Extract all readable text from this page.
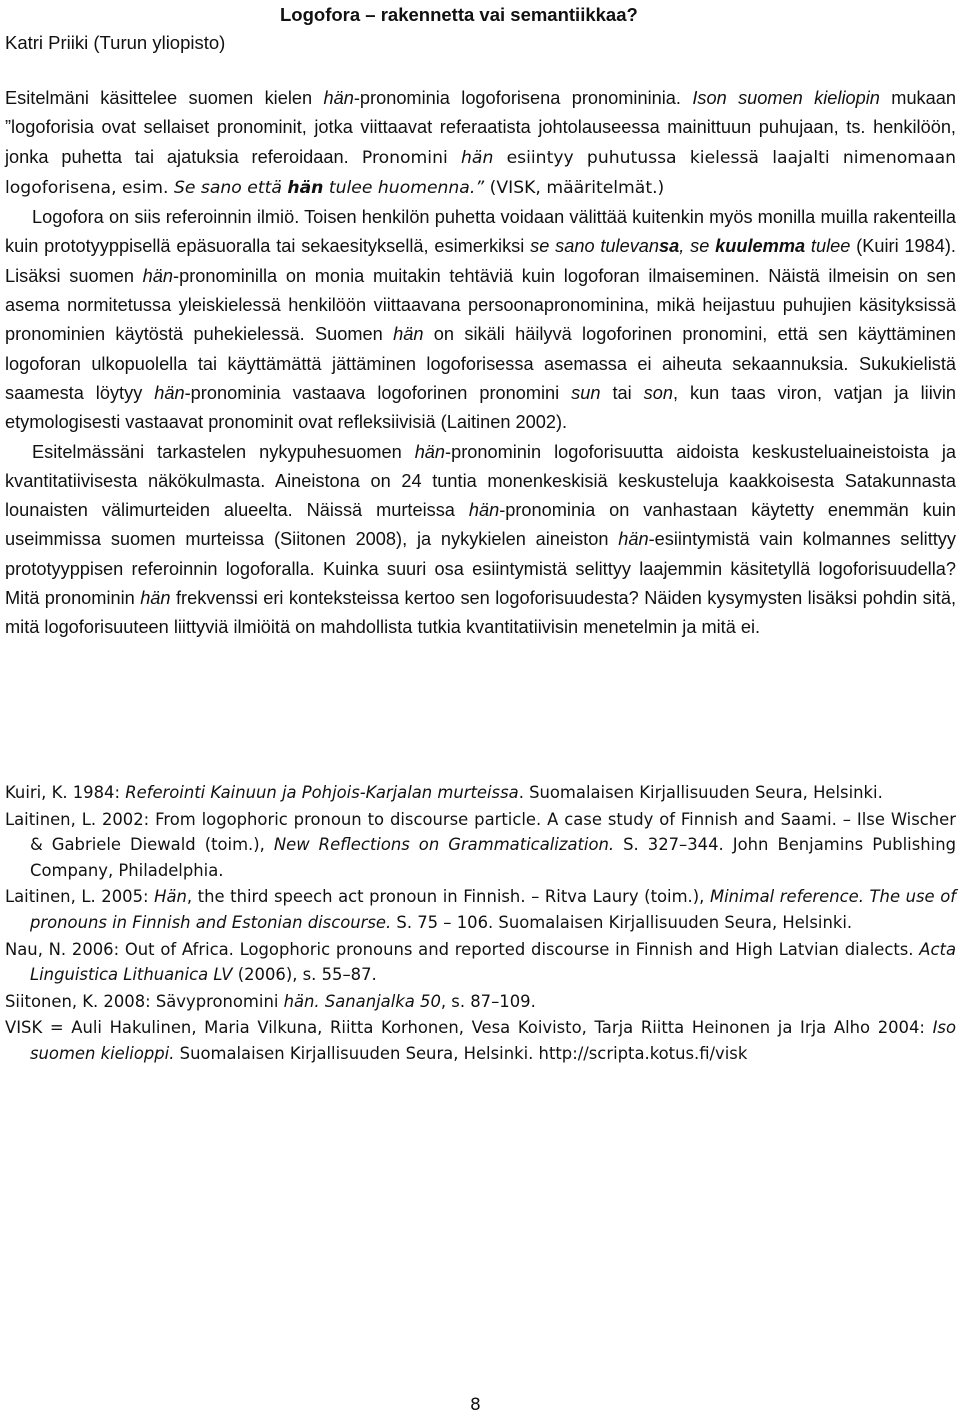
Katri Priiki (Turun yliopisto)
Logofora – rakennetta vai semantiikkaa?
Esitelmäni käsittelee suomen kielen hän-pronominia logoforisena pronomininia. Ison suomen kieliopin mukaan ”logoforisia ovat sellaiset pronominit, jotka viittaavat referaatista johtolauseessa mainittuun puhujaan, ts. henkilöön, jonka puhetta tai ajatuksia referoidaan. Pronomini hän esiintyy puhutussa kielessä laajalti nimenomaan logoforisena, esim. Se sano että hän tulee huomenna.” (VISK, määritelmät.)
Logofora on siis referoinnin ilmiö. Toisen henkilön puhetta voidaan välittää kuitenkin myös monilla muilla rakenteilla kuin prototyyppisellä epäsuoralla tai sekaesityksellä, esimerkiksi se sano tulevansa, se kuulemma tulee (Kuiri 1984). Lisäksi suomen hän-pronominilla on monia muitakin tehtäviä kuin logoforan ilmaiseminen. Näistä ilmeisin on sen asema normitetussa yleiskielessä henkilöön viittaavana persoonapronominina, mikä heijastuu puhujien käsityksissä pronominien käytöstä puhekielessä. Suomen hän on sikäli häilyvä logoforinen pronomini, että sen käyttäminen logoforan ulkopuolella tai käyttämättä jättäminen logoforisessa asemassa ei aiheuta sekaannuksia. Sukukielistä saamesta löytyy hän-pronominia vastaava logoforinen pronomini sun tai son, kun taas viron, vatjan ja liivin etymologisesti vastaavat pronominit ovat refleksiivisiä (Laitinen 2002).
Esitelmässäni tarkastelen nykypuhesuomen hän-pronominin logoforisuutta aidoista keskusteluaineistoista ja kvantitatiivisesta näkökulmasta. Aineistona on 24 tuntia monenkeskisiä keskusteluja kaakkoisesta Satakunnasta lounaisten välimurteiden alueelta. Näissä murteissa hän-pronominia on vanhastaan käytetty enemmän kuin useimmissa suomen murteissa (Siitonen 2008), ja nykykielen aineiston hän-esiintymistä vain kolmannes selittyy prototyyppisen referoinnin logoforalla. Kuinka suuri osa esiintymistä selittyy laajemmin käsitetyllä logoforisuudella? Mitä pronominin hän frekvenssi eri konteksteissa kertoo sen logoforisuudesta? Näiden kysymysten lisäksi pohdin sitä, mitä logoforisuuteen liittyviä ilmiöitä on mahdollista tutkia kvantitatiivisin menetelmin ja mitä ei.
Kuiri, K. 1984: Referointi Kainuun ja Pohjois-Karjalan murteissa. Suomalaisen Kirjallisuuden Seura, Helsinki.
Laitinen, L. 2002: From logophoric pronoun to discourse particle. A case study of Finnish and Saami. – Ilse Wischer & Gabriele Diewald (toim.), New Reflections on Grammaticalization. S. 327–344. John Benjamins Publishing Company, Philadelphia.
Laitinen, L. 2005: Hän, the third speech act pronoun in Finnish. – Ritva Laury (toim.), Minimal reference. The use of pronouns in Finnish and Estonian discourse. S. 75 – 106. Suomalaisen Kirjallisuuden Seura, Helsinki.
Nau, N. 2006: Out of Africa. Logophoric pronouns and reported discourse in Finnish and High Latvian dialects. Acta Linguistica Lithuanica LV (2006), s. 55–87.
Siitonen, K. 2008: Sävypronomini hän. Sananjalka 50, s. 87–109.
VISK = Auli Hakulinen, Maria Vilkuna, Riitta Korhonen, Vesa Koivisto, Tarja Riitta Heinonen ja Irja Alho 2004: Iso suomen kielioppi. Suomalaisen Kirjallisuuden Seura, Helsinki. http://scripta.kotus.fi/visk
8
